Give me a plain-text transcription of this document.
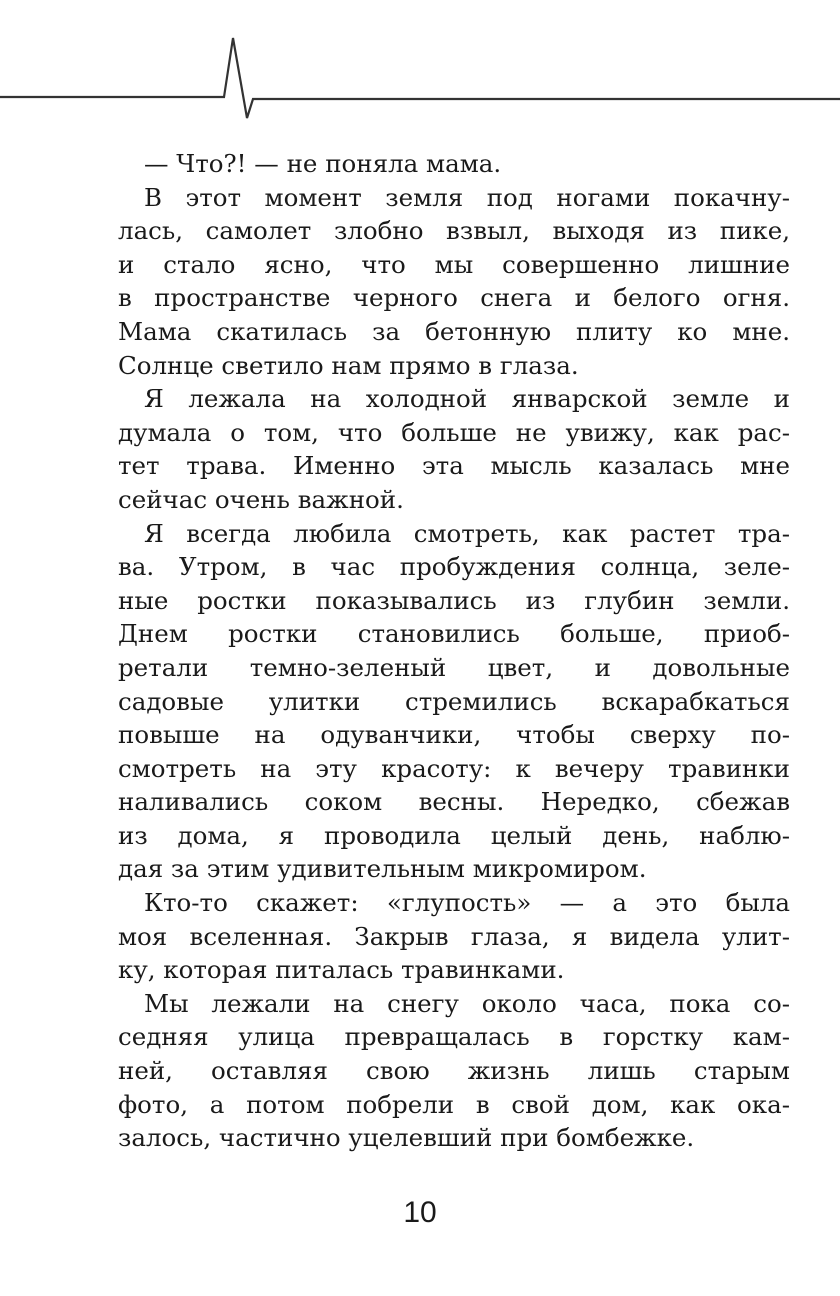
— Что?! — не поняла мама.
В этот момент земля под ногами покачну-
лась, самолет злобно взвыл, выходя из пике,
и стало ясно, что мы совершенно лишние
в пространстве черного снега и белого огня.
Мама скатилась за бетонную плиту ко мне.
Солнце светило нам прямо в глаза.
Я лежала на холодной январской земле и
думала о том, что больше не увижу, как рас-
тет трава. Именно эта мысль казалась мне
сейчас очень важной.
Я всегда любила смотреть, как растет тра-
ва. Утром, в час пробуждения солнца, зеле-
ные ростки показывались из глубин земли.
Днем ростки становились больше, приоб-
ретали темно-зеленый цвет, и довольные
садовые улитки стремились вскарабкаться
повыше на одуванчики, чтобы сверху по-
смотреть на эту красоту: к вечеру травинки
наливались соком весны. Нередко, сбежав
из дома, я проводила целый день, наблю-
дая за этим удивительным микромиром.
Кто-то скажет: «глупость» — а это была
моя вселенная. Закрыв глаза, я видела улит-
ку, которая питалась травинками.
Мы лежали на снегу около часа, пока со-
седняя улица превращалась в горстку кам-
ней, оставляя свою жизнь лишь старым
фото, а потом побрели в свой дом, как ока-
залось, частично уцелевший при бомбежке.
10
